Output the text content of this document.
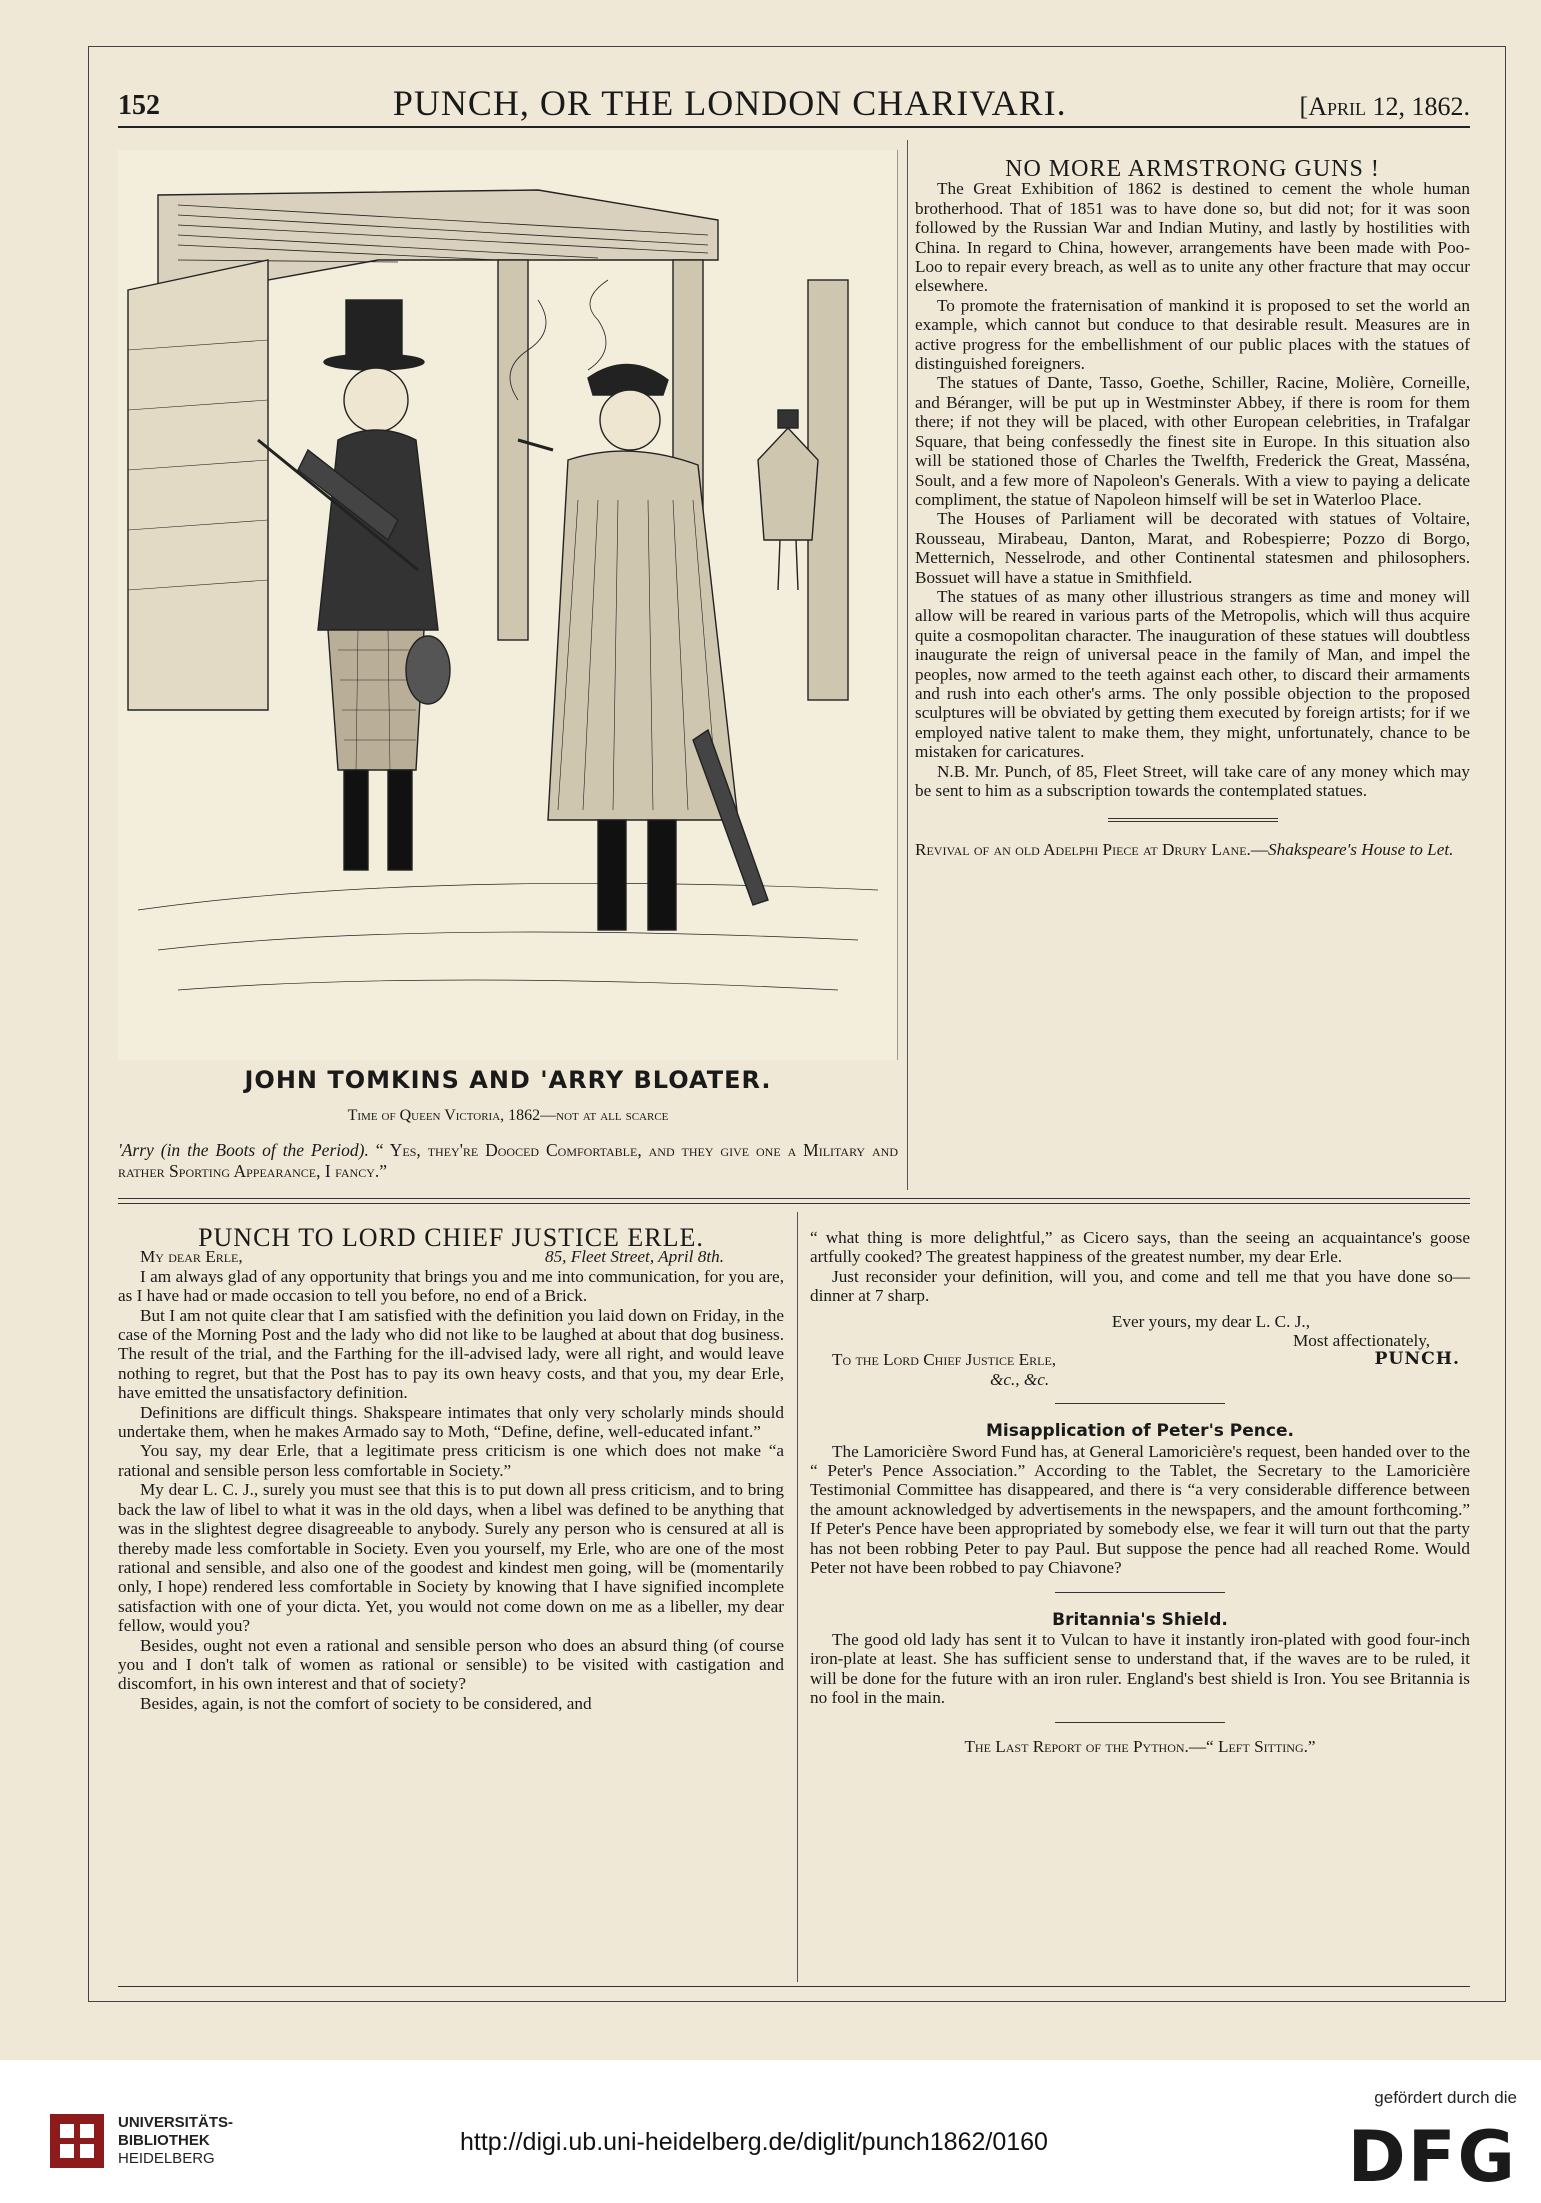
152	PUNCH, OR THE LONDON CHARIVARI.	[April 12, 1862.
JOHN TOMKINS AND 'ARRY BLOATER.
Time of Queen Victoria, 1862—not at all scarce
'Arry (in the Boots of the Period). “ Yes, they're Dooced Comfortable, and they give one a Military and rather Sporting Appearance, I fancy.”

NO MORE ARMSTRONG GUNS !

The Great Exhibition of 1862 is destined to cement the whole human brotherhood. That of 1851 was to have done so, but did not; for it was soon followed by the Russian War and Indian Mutiny, and lastly by hostilities with China. In regard to China, however, arrangements have been made with Poo-Loo to repair every breach, as well as to unite any other fracture that may occur elsewhere.

To promote the fraternisation of mankind it is proposed to set the world an example, which cannot but conduce to that desirable result. Measures are in active progress for the embellishment of our public places with the statues of distinguished foreigners.

The statues of Dante, Tasso, Goethe, Schiller, Racine, Molière, Corneille, and Béranger, will be put up in Westminster Abbey, if there is room for them there; if not they will be placed, with other European celebrities, in Trafalgar Square, that being confessedly the finest site in Europe. In this situation also will be stationed those of Charles the Twelfth, Frederick the Great, Masséna, Soult, and a few more of Napoleon's Generals. With a view to paying a delicate compliment, the statue of Napoleon himself will be set in Waterloo Place.

The Houses of Parliament will be decorated with statues of Voltaire, Rousseau, Mirabeau, Danton, Marat, and Robespierre; Pozzo di Borgo, Metternich, Nesselrode, and other Continental statesmen and philosophers. Bossuet will have a statue in Smithfield.

The statues of as many other illustrious strangers as time and money will allow will be reared in various parts of the Metropolis, which will thus acquire quite a cosmopolitan character. The inauguration of these statues will doubtless inaugurate the reign of universal peace in the family of Man, and impel the peoples, now armed to the teeth against each other, to discard their armaments and rush into each other's arms. The only possible objection to the proposed sculptures will be obviated by getting them executed by foreign artists; for if we employed native talent to make them, they might, unfortunately, chance to be mistaken for caricatures.

N.B. Mr. Punch, of 85, Fleet Street, will take care of any money which may be sent to him as a subscription towards the contemplated statues.

Revival of an old Adelphi Piece at Drury Lane.—Shakspeare's House to Let.

PUNCH TO LORD CHIEF JUSTICE ERLE.

My dear Erle,	85, Fleet Street, April 8th.

I am always glad of any opportunity that brings you and me into communication, for you are, as I have had or made occasion to tell you before, no end of a Brick.

But I am not quite clear that I am satisfied with the definition you laid down on Friday, in the case of the Morning Post and the lady who did not like to be laughed at about that dog business. The result of the trial, and the Farthing for the ill-advised lady, were all right, and would leave nothing to regret, but that the Post has to pay its own heavy costs, and that you, my dear Erle, have emitted the unsatisfactory definition.

Definitions are difficult things. Shakspeare intimates that only very scholarly minds should undertake them, when he makes Armado say to Moth, “Define, define, well-educated infant.”

You say, my dear Erle, that a legitimate press criticism is one which does not make “a rational and sensible person less comfortable in Society.”

My dear L. C. J., surely you must see that this is to put down all press criticism, and to bring back the law of libel to what it was in the old days, when a libel was defined to be anything that was in the slightest degree disagreeable to anybody. Surely any person who is censured at all is thereby made less comfortable in Society. Even you yourself, my Erle, who are one of the most rational and sensible, and also one of the goodest and kindest men going, will be (momentarily only, I hope) rendered less comfortable in Society by knowing that I have signified incomplete satisfaction with one of your dicta. Yet, you would not come down on me as a libeller, my dear fellow, would you?

Besides, ought not even a rational and sensible person who does an absurd thing (of course you and I don't talk of women as rational or sensible) to be visited with castigation and discomfort, in his own interest and that of society?

Besides, again, is not the comfort of society to be considered, and

“ what thing is more delightful,” as Cicero says, than the seeing an acquaintance's goose artfully cooked? The greatest happiness of the greatest number, my dear Erle.

Just reconsider your definition, will you, and come and tell me that you have done so—dinner at 7 sharp.

Ever yours, my dear L. C. J.,

Most affectionately,

To the Lord Chief Justice Erle,	PUNCH.

&c., &c.

Misapplication of Peter's Pence.

The Lamoricière Sword Fund has, at General Lamoricière's request, been handed over to the “ Peter's Pence Association.” According to the Tablet, the Secretary to the Lamoricière Testimonial Committee has disappeared, and there is “a very considerable difference between the amount acknowledged by advertisements in the newspapers, and the amount forthcoming.” If Peter's Pence have been appropriated by somebody else, we fear it will turn out that the party has not been robbing Peter to pay Paul. But suppose the pence had all reached Rome. Would Peter not have been robbed to pay Chiavone?

Britannia's Shield.

The good old lady has sent it to Vulcan to have it instantly iron-plated with good four-inch iron-plate at least. She has sufficient sense to understand that, if the waves are to be ruled, it will be done for the future with an iron ruler. England's best shield is Iron. You see Britannia is no fool in the main.

The Last Report of the Python.—“ Left Sitting.”

UNIVERSITÄTS-
BIBLIOTHEK
HEIDELBERG
http://digi.ub.uni-heidelberg.de/diglit/punch1862/0160
gefördert durch die
DFG
